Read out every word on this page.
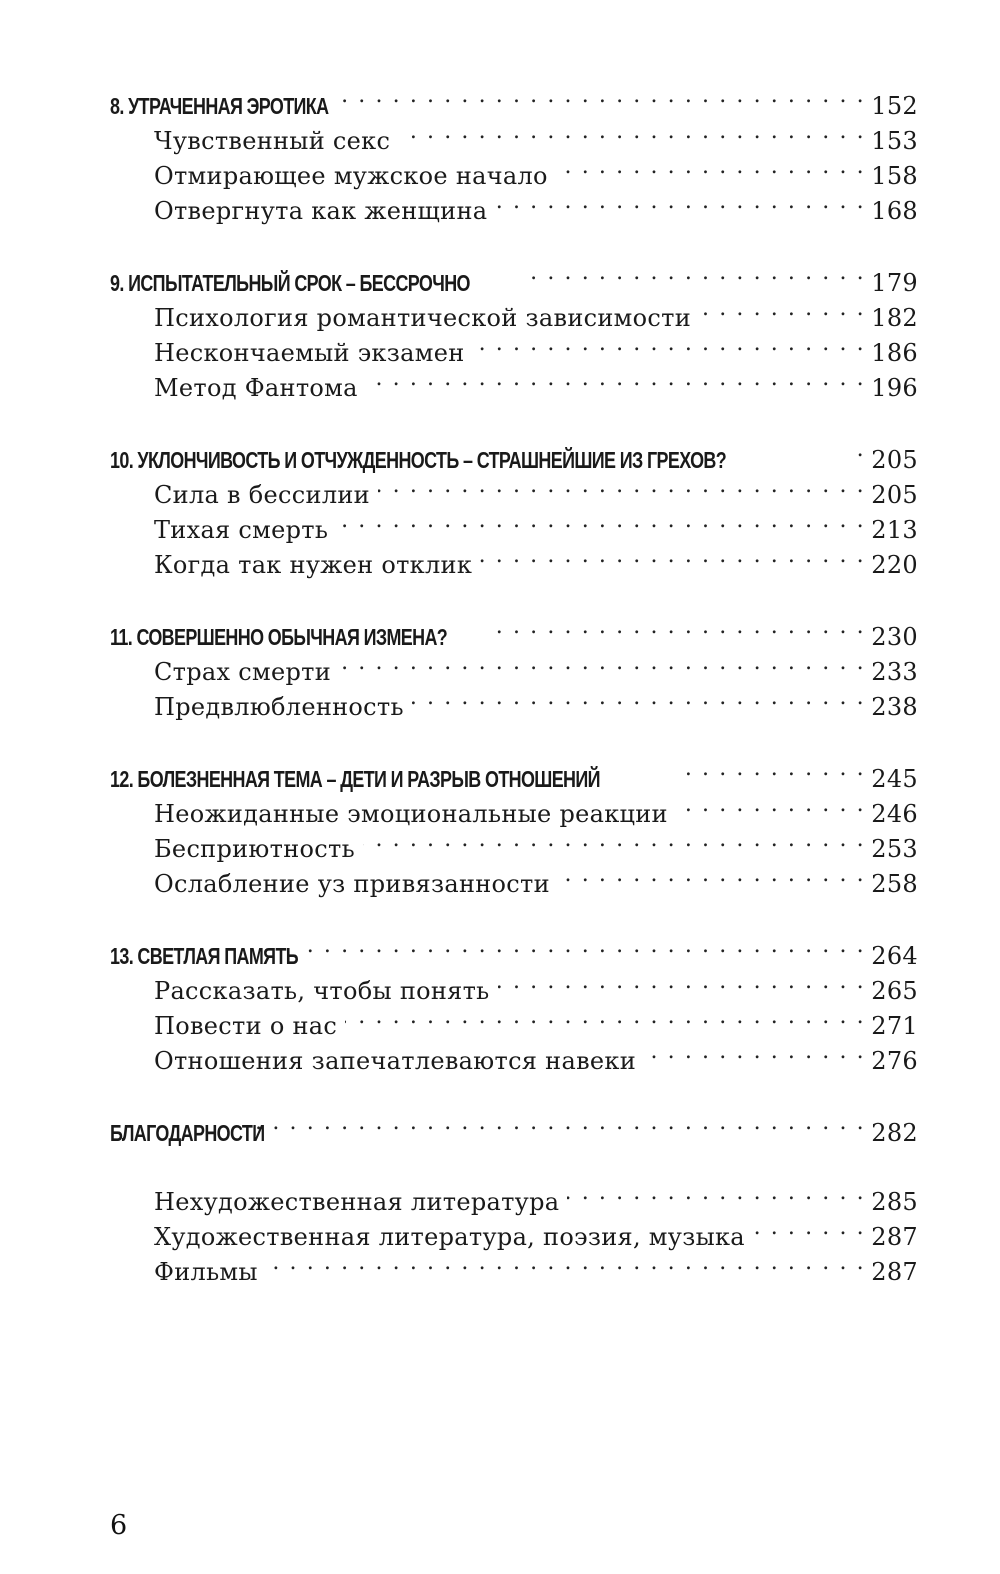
8. УТРАЧЕННАЯ ЭРОТИКА . . .	152
Чувственный секс . . .	153
Отмирающее мужское начало . . .	158
Отвергнута как женщина . . .	168
9. ИСПЫТАТЕЛЬНЫЙ СРОК – БЕССРОЧНО . . .	179
Психология романтической зависимости . . .	182
Нескончаемый экзамен . . .	186
Метод Фантома . . .	196
10. УКЛОНЧИВОСТЬ И ОТЧУЖДЕННОСТЬ – СТРАШНЕЙШИЕ ИЗ ГРЕХОВ? . . .	205
Сила в бессилии . . .	205
Тихая смерть . . .	213
Когда так нужен отклик . . .	220
11. СОВЕРШЕННО ОБЫЧНАЯ ИЗМЕНА? . . .	230
Страх смерти . . .	233
Предвлюбленность . . .	238
12. БОЛЕЗНЕННАЯ ТЕМА – ДЕТИ И РАЗРЫВ ОТНОШЕНИЙ . . .	245
Неожиданные эмоциональные реакции . . .	246
Бесприютность . . .	253
Ослабление уз привязанности . . .	258
13. СВЕТЛАЯ ПАМЯТЬ . . .	264
Рассказать, чтобы понять . . .	265
Повести о нас . . .	271
Отношения запечатлеваются навеки . . .	276
БЛАГОДАРНОСТИ . . .	282
Нехудожественная литература . . .	285
Художественная литература, поэзия, музыка . . .	287
Фильмы . . .	287
6
